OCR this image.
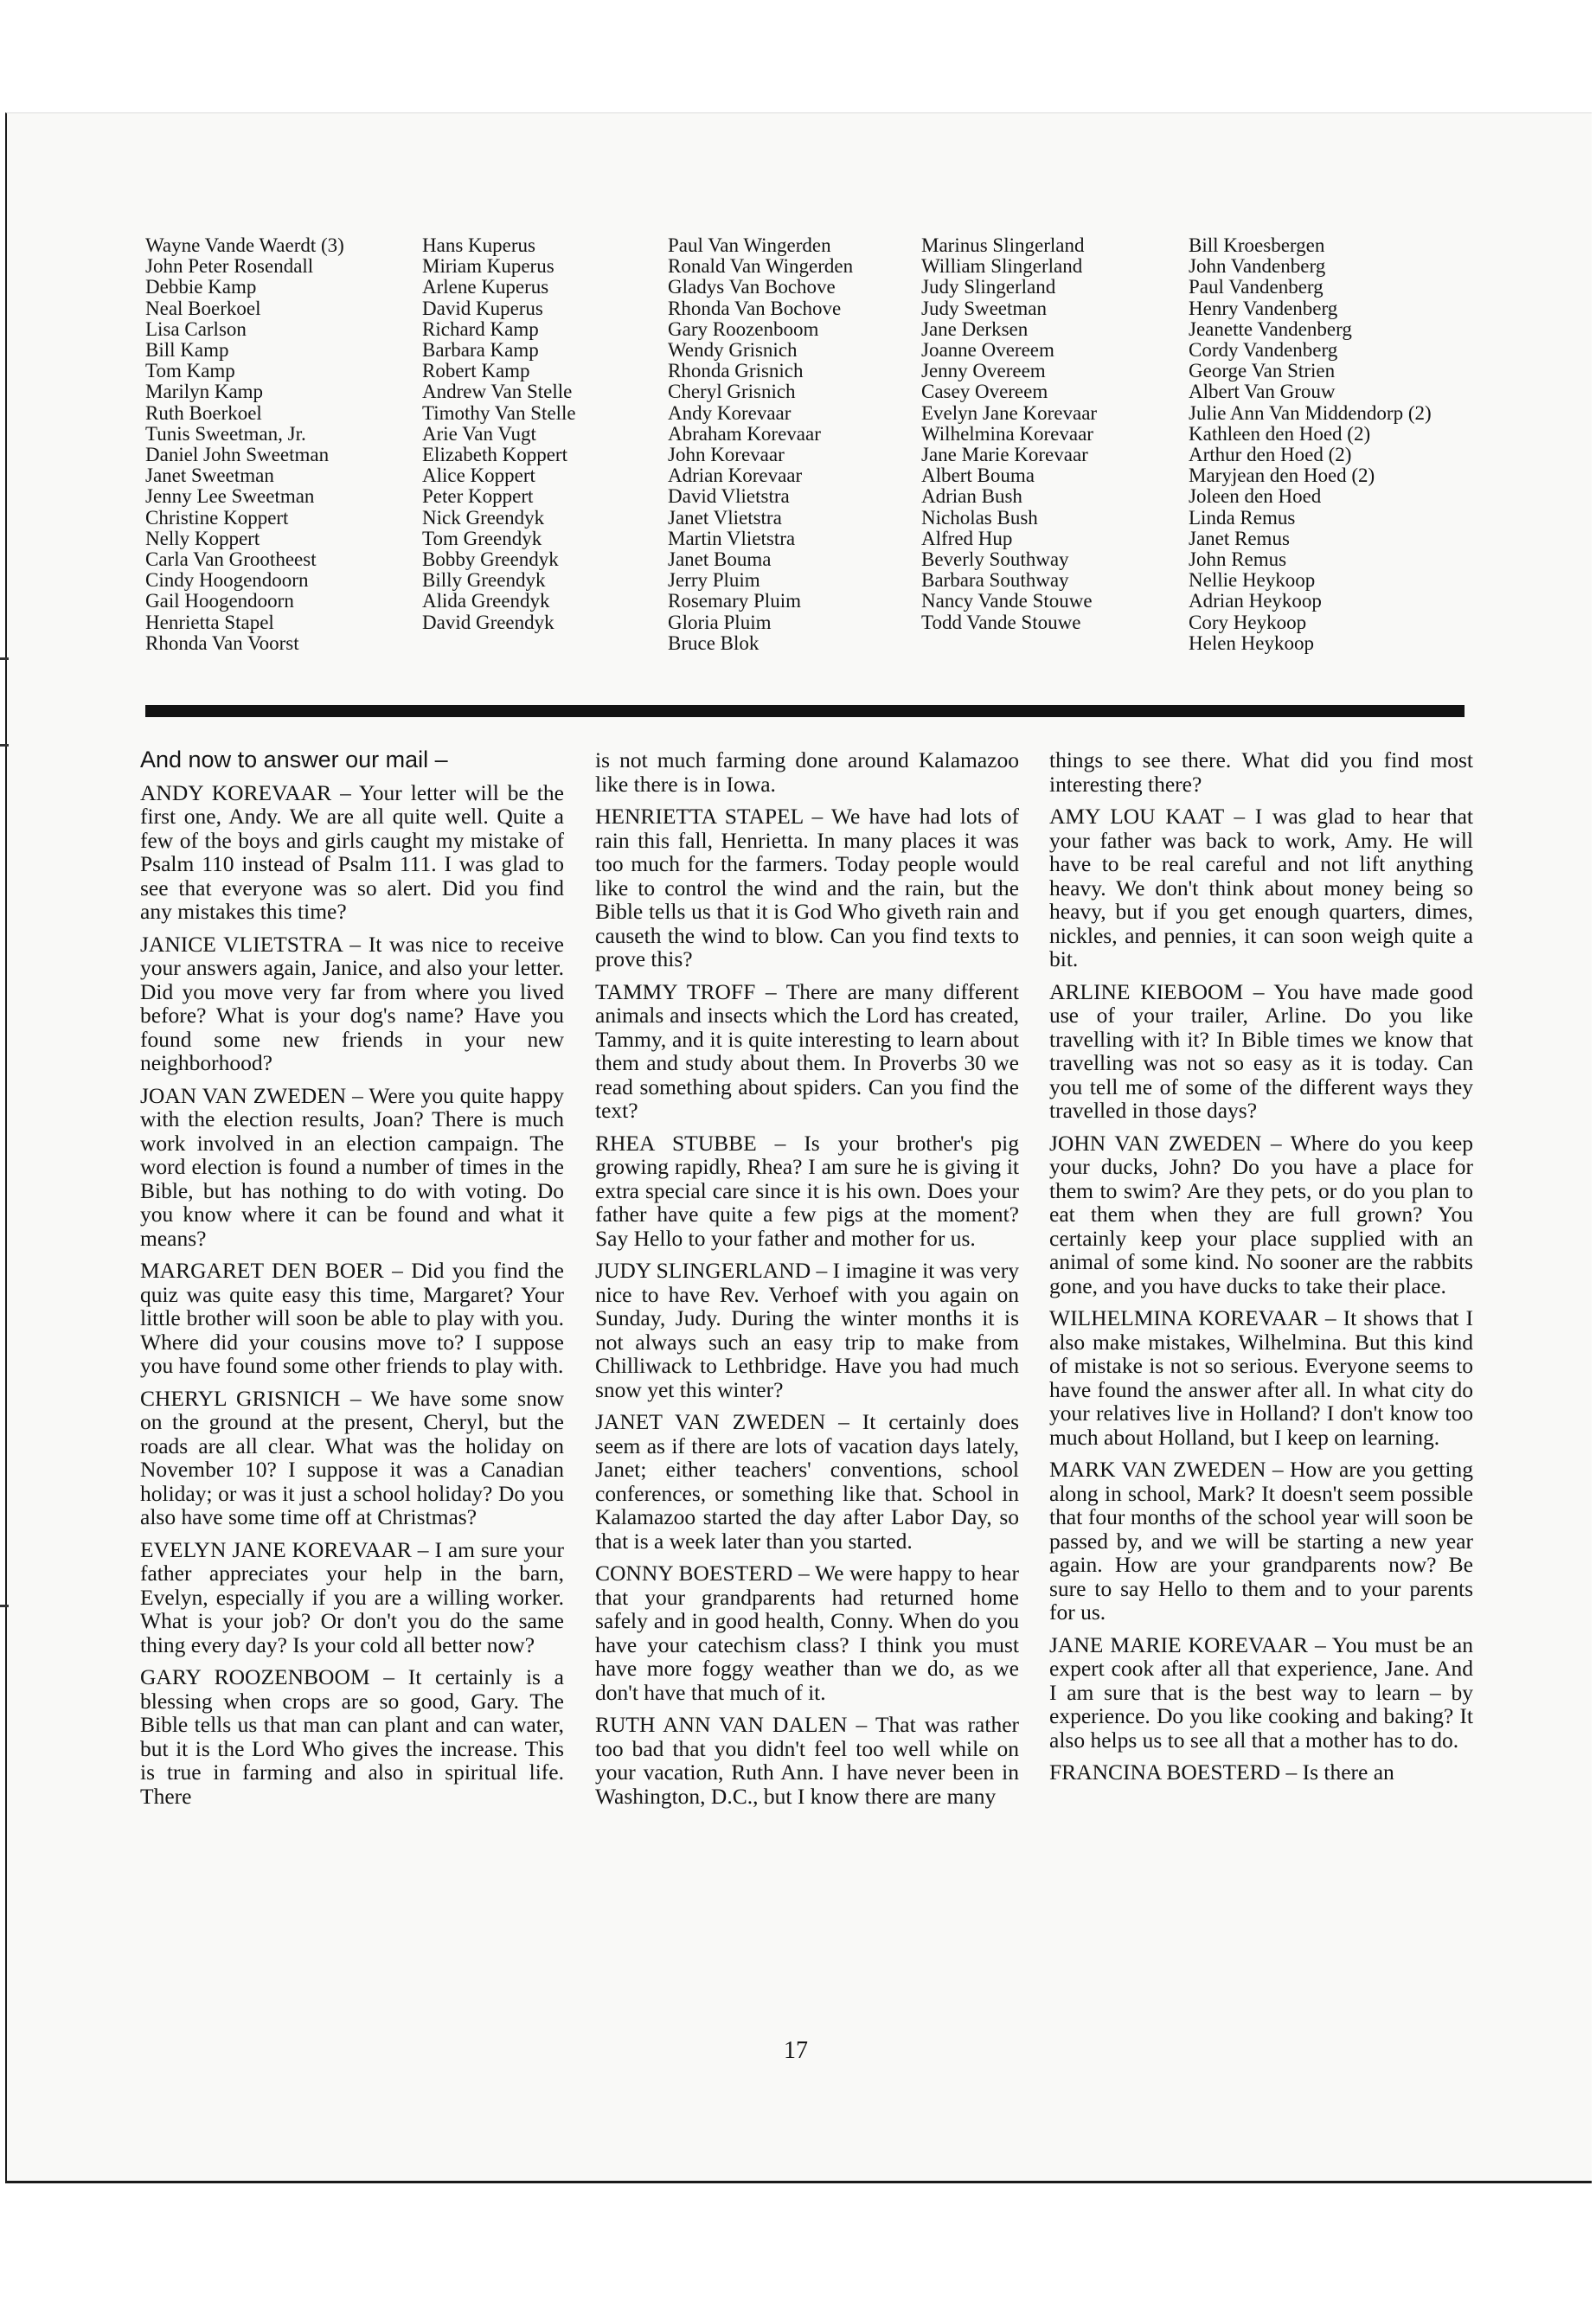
Wayne Vande Waerdt (3)
John Peter Rosendall
Debbie Kamp
Neal Boerkoel
Lisa Carlson
Bill Kamp
Tom Kamp
Marilyn Kamp
Ruth Boerkoel
Tunis Sweetman, Jr.
Daniel John Sweetman
Janet Sweetman
Jenny Lee Sweetman
Christine Koppert
Nelly Koppert
Carla Van Grootheest
Cindy Hoogendoorn
Gail Hoogendoorn
Henrietta Stapel
Rhonda Van Voorst
Hans Kuperus
Miriam Kuperus
Arlene Kuperus
David Kuperus
Richard Kamp
Barbara Kamp
Robert Kamp
Andrew Van Stelle
Timothy Van Stelle
Arie Van Vugt
Elizabeth Koppert
Alice Koppert
Peter Koppert
Nick Greendyk
Tom Greendyk
Bobby Greendyk
Billy Greendyk
Alida Greendyk
David Greendyk
Paul Van Wingerden
Ronald Van Wingerden
Gladys Van Bochove
Rhonda Van Bochove
Gary Roozenboom
Wendy Grisnich
Rhonda Grisnich
Cheryl Grisnich
Andy Korevaar
Abraham Korevaar
John Korevaar
Adrian Korevaar
David Vlietstra
Janet Vlietstra
Martin Vlietstra
Janet Bouma
Jerry Pluim
Rosemary Pluim
Gloria Pluim
Bruce Blok
Marinus Slingerland
William Slingerland
Judy Slingerland
Judy Sweetman
Jane Derksen
Joanne Overeem
Jenny Overeem
Casey Overeem
Evelyn Jane Korevaar
Wilhelmina Korevaar
Jane Marie Korevaar
Albert Bouma
Adrian Bush
Nicholas Bush
Alfred Hup
Beverly Southway
Barbara Southway
Nancy Vande Stouwe
Todd Vande Stouwe
Bill Kroesbergen
John Vandenberg
Paul Vandenberg
Henry Vandenberg
Jeanette Vandenberg
Cordy Vandenberg
George Van Strien
Albert Van Grouw
Julie Ann Van Middendorp (2)
Kathleen den Hoed (2)
Arthur den Hoed (2)
Maryjean den Hoed (2)
Joleen den Hoed
Linda Remus
Janet Remus
John Remus
Nellie Heykoop
Adrian Heykoop
Cory Heykoop
Helen Heykoop

And now to answer our mail –

ANDY KOREVAAR – Your letter will be the first one, Andy. We are all quite well. Quite a few of the boys and girls caught my mistake of Psalm 110 instead of Psalm 111. I was glad to see that everyone was so alert. Did you find any mistakes this time?

JANICE VLIETSTRA – It was nice to receive your answers again, Janice, and also your letter. Did you move very far from where you lived before? What is your dog's name? Have you found some new friends in your new neighborhood?

JOAN VAN ZWEDEN – Were you quite happy with the election results, Joan? There is much work involved in an election campaign. The word election is found a number of times in the Bible, but has nothing to do with voting. Do you know where it can be found and what it means?

MARGARET DEN BOER – Did you find the quiz was quite easy this time, Margaret? Your little brother will soon be able to play with you. Where did your cousins move to? I suppose you have found some other friends to play with.

CHERYL GRISNICH – We have some snow on the ground at the present, Cheryl, but the roads are all clear. What was the holiday on November 10? I suppose it was a Canadian holiday; or was it just a school holiday? Do you also have some time off at Christmas?

EVELYN JANE KOREVAAR – I am sure your father appreciates your help in the barn, Evelyn, especially if you are a willing worker. What is your job? Or don't you do the same thing every day? Is your cold all better now?

GARY ROOZENBOOM – It certainly is a blessing when crops are so good, Gary. The Bible tells us that man can plant and can water, but it is the Lord Who gives the increase. This is true in farming and also in spiritual life. There

is not much farming done around Kalamazoo like there is in Iowa.

HENRIETTA STAPEL – We have had lots of rain this fall, Henrietta. In many places it was too much for the farmers. Today people would like to control the wind and the rain, but the Bible tells us that it is God Who giveth rain and causeth the wind to blow. Can you find texts to prove this?

TAMMY TROFF – There are many different animals and insects which the Lord has created, Tammy, and it is quite interesting to learn about them and study about them. In Proverbs 30 we read something about spiders. Can you find the text?

RHEA STUBBE – Is your brother's pig growing rapidly, Rhea? I am sure he is giving it extra special care since it is his own. Does your father have quite a few pigs at the moment? Say Hello to your father and mother for us.

JUDY SLINGERLAND – I imagine it was very nice to have Rev. Verhoef with you again on Sunday, Judy. During the winter months it is not always such an easy trip to make from Chilliwack to Lethbridge. Have you had much snow yet this winter?

JANET VAN ZWEDEN – It certainly does seem as if there are lots of vacation days lately, Janet; either teachers' conventions, school conferences, or something like that. School in Kalamazoo started the day after Labor Day, so that is a week later than you started.

CONNY BOESTERD – We were happy to hear that your grandparents had returned home safely and in good health, Conny. When do you have your catechism class? I think you must have more foggy weather than we do, as we don't have that much of it.

RUTH ANN VAN DALEN – That was rather too bad that you didn't feel too well while on your vacation, Ruth Ann. I have never been in Washington, D.C., but I know there are many

things to see there. What did you find most interesting there?

AMY LOU KAAT – I was glad to hear that your father was back to work, Amy. He will have to be real careful and not lift anything heavy. We don't think about money being so heavy, but if you get enough quarters, dimes, nickles, and pennies, it can soon weigh quite a bit.

ARLINE KIEBOOM – You have made good use of your trailer, Arline. Do you like travelling with it? In Bible times we know that travelling was not so easy as it is today. Can you tell me of some of the different ways they travelled in those days?

JOHN VAN ZWEDEN – Where do you keep your ducks, John? Do you have a place for them to swim? Are they pets, or do you plan to eat them when they are full grown? You certainly keep your place supplied with an animal of some kind. No sooner are the rabbits gone, and you have ducks to take their place.

WILHELMINA KOREVAAR – It shows that I also make mistakes, Wilhelmina. But this kind of mistake is not so serious. Everyone seems to have found the answer after all. In what city do your relatives live in Holland? I don't know too much about Holland, but I keep on learning.

MARK VAN ZWEDEN – How are you getting along in school, Mark? It doesn't seem possible that four months of the school year will soon be passed by, and we will be starting a new year again. How are your grandparents now? Be sure to say Hello to them and to your parents for us.

JANE MARIE KOREVAAR – You must be an expert cook after all that experience, Jane. And I am sure that is the best way to learn – by experience. Do you like cooking and baking? It also helps us to see all that a mother has to do.

FRANCINA BOESTERD – Is there an

17
